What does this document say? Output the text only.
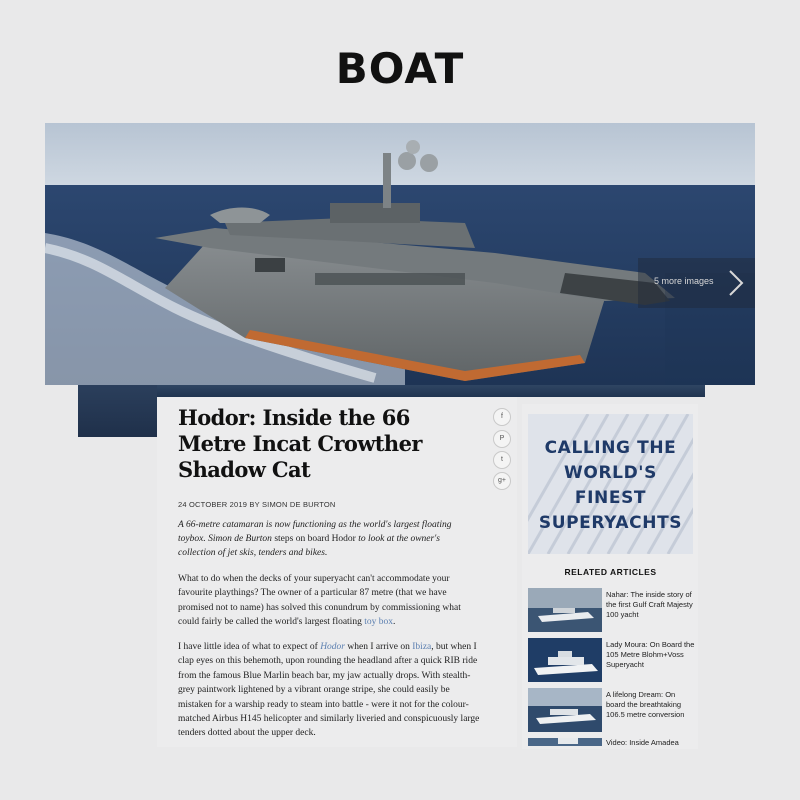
BOAT
5 more images
Hodor: Inside the 66 Metre Incat Crowther Shadow Cat
24 OCTOBER 2019 BY SIMON DE BURTON
A 66-metre catamaran is now functioning as the world's largest floating toybox. Simon de Burton steps on board Hodor to look at the owner's collection of jet skis, tenders and bikes.
What to do when the decks of your superyacht can't accommodate your favourite playthings? The owner of a particular 87 metre (that we have promised not to name) has solved this conundrum by commissioning what could fairly be called the world's largest floating toy box.
I have little idea of what to expect of Hodor when I arrive on Ibiza, but when I clap eyes on this behemoth, upon rounding the headland after a quick RIB ride from the famous Blue Marlin beach bar, my jaw actually drops. With stealth-grey paintwork lightened by a vibrant orange stripe, she could easily be mistaken for a warship ready to steam into battle - were it not for the colour-matched Airbus H145 helicopter and similarly liveried and conspicuously large tenders dotted about the upper deck.
f
P
t
g+
CALLING THE
WORLD'S
FINEST
SUPERYACHTS
RELATED ARTICLES
Nahar: The inside story of the first Gulf Craft Majesty 100 yacht
Lady Moura: On Board the 105 Metre Blohm+Voss Superyacht
A lifelong Dream: On board the breathtaking 106.5 metre conversion
Video: Inside Amadea
